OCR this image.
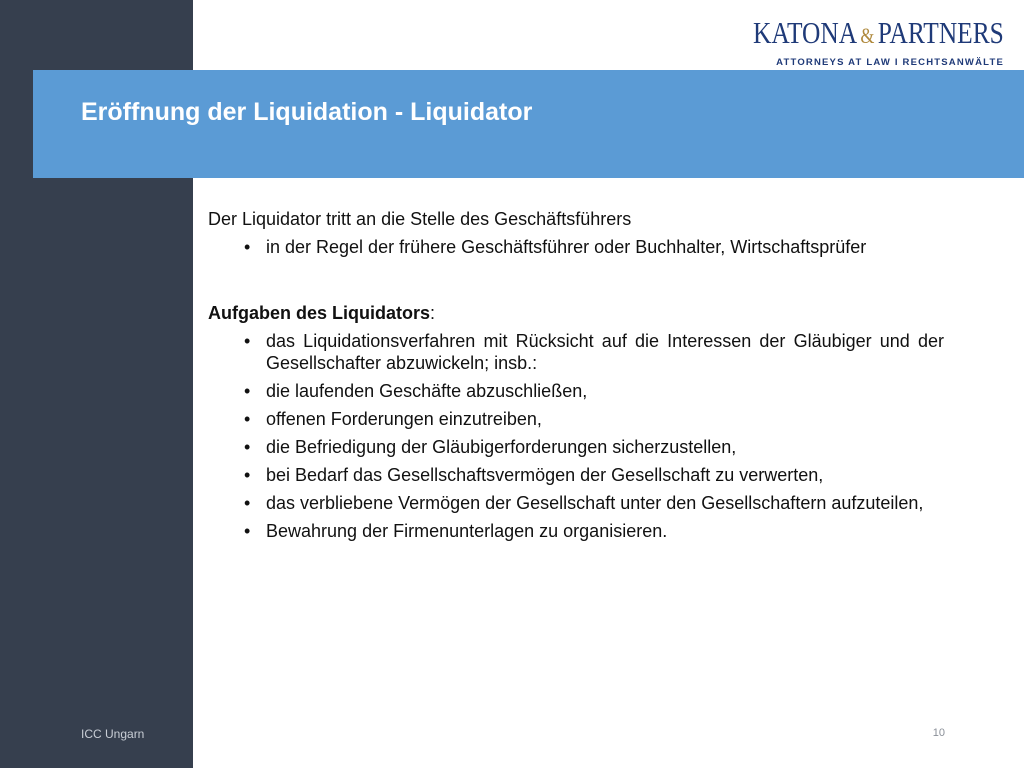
KATONA & PARTNERS
ATTORNEYS AT LAW I RECHTSANWÄLTE
Eröffnung der Liquidation - Liquidator

Der Liquidator tritt an die Stelle des Geschäftsführers

• in der Regel der frühere Geschäftsführer oder Buchhalter, Wirtschaftsprüfer

Aufgaben des Liquidators:

• das Liquidationsverfahren mit Rücksicht auf die Interessen der Gläubiger und der Gesellschafter abzuwickeln; insb.:
• die laufenden Geschäfte abzuschließen,
• offenen Forderungen einzutreiben,
• die Befriedigung der Gläubigerforderungen sicherzustellen,
• bei Bedarf das Gesellschaftsvermögen der Gesellschaft zu verwerten,
• das verbliebene Vermögen der Gesellschaft unter den Gesellschaftern aufzuteilen,
• Bewahrung der Firmenunterlagen zu organisieren.
ICC Ungarn	10
